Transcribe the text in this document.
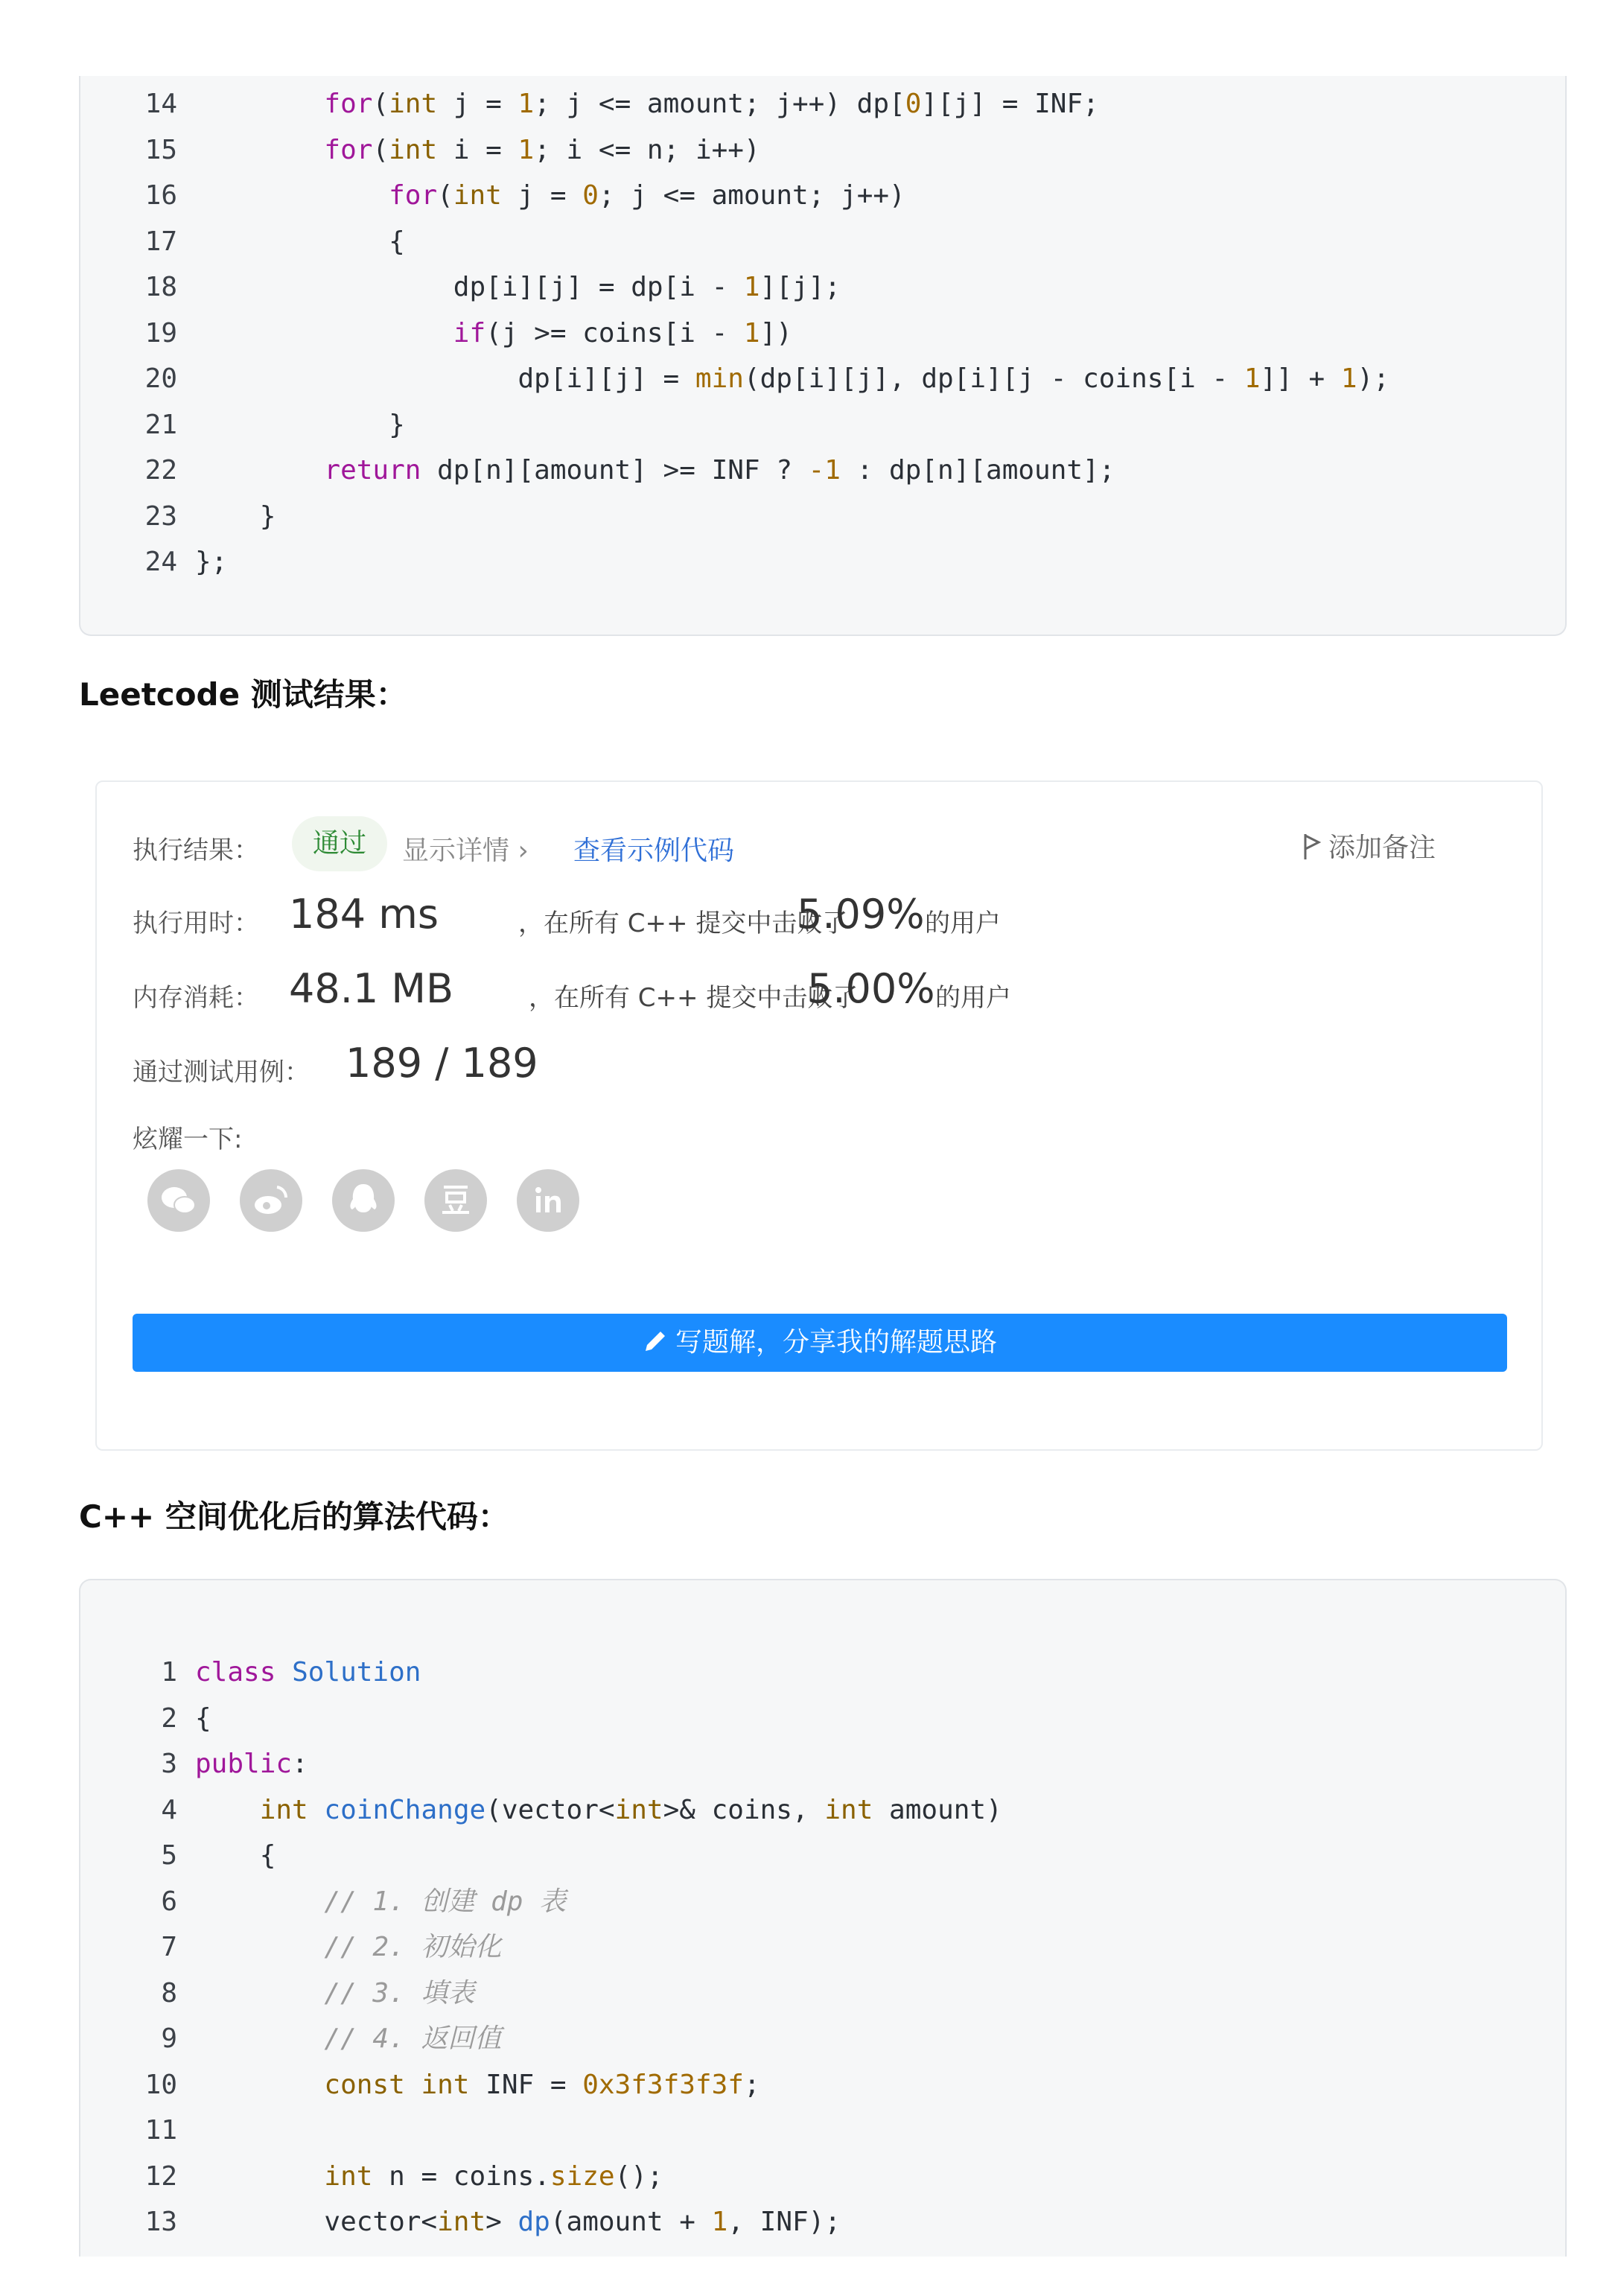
14	for(int j = 1; j <= amount; j++) dp[0][j] = INF;
15	for(int i = 1; i <= n; i++)
16	for(int j = 0; j <= amount; j++)
17            {
18                dp[i][j] = dp[i - 1][j];
19	if(j >= coins[i - 1])
20                    dp[i][j] = min(dp[i][j], dp[i][j - coins[i - 1]] + 1);
21            }
22	return dp[n][amount] >= INF ? -1 : dp[n][amount];
23    }
24 };
Leetcode 测试结果：
执行结果：	通过	显示详情 › 查看示例代码	添加备注
执行用时： 184 ms	，在所有 C++ 提交中击败了
5.09% 的用户
内存消耗： 48.1 MB	，在所有 C++ 提交中击败了
5.00% 的用户
通过测试用例： 189 / 189
炫耀一下:
写题解，分享我的解题思路
C++ 空间优化后的算法代码：
1 class Solution
2 {
3 public:
4	int coinChange(vector<int>& coins, int amount)
5    {
6	// 1. 创建 dp 表
7	// 2. 初始化
8	// 3. 填表
9	// 4. 返回值
10	const int INF = 0x3f3f3f3f;
11
12	int n = coins.size();
13        vector<int> dp(amount + 1, INF);
